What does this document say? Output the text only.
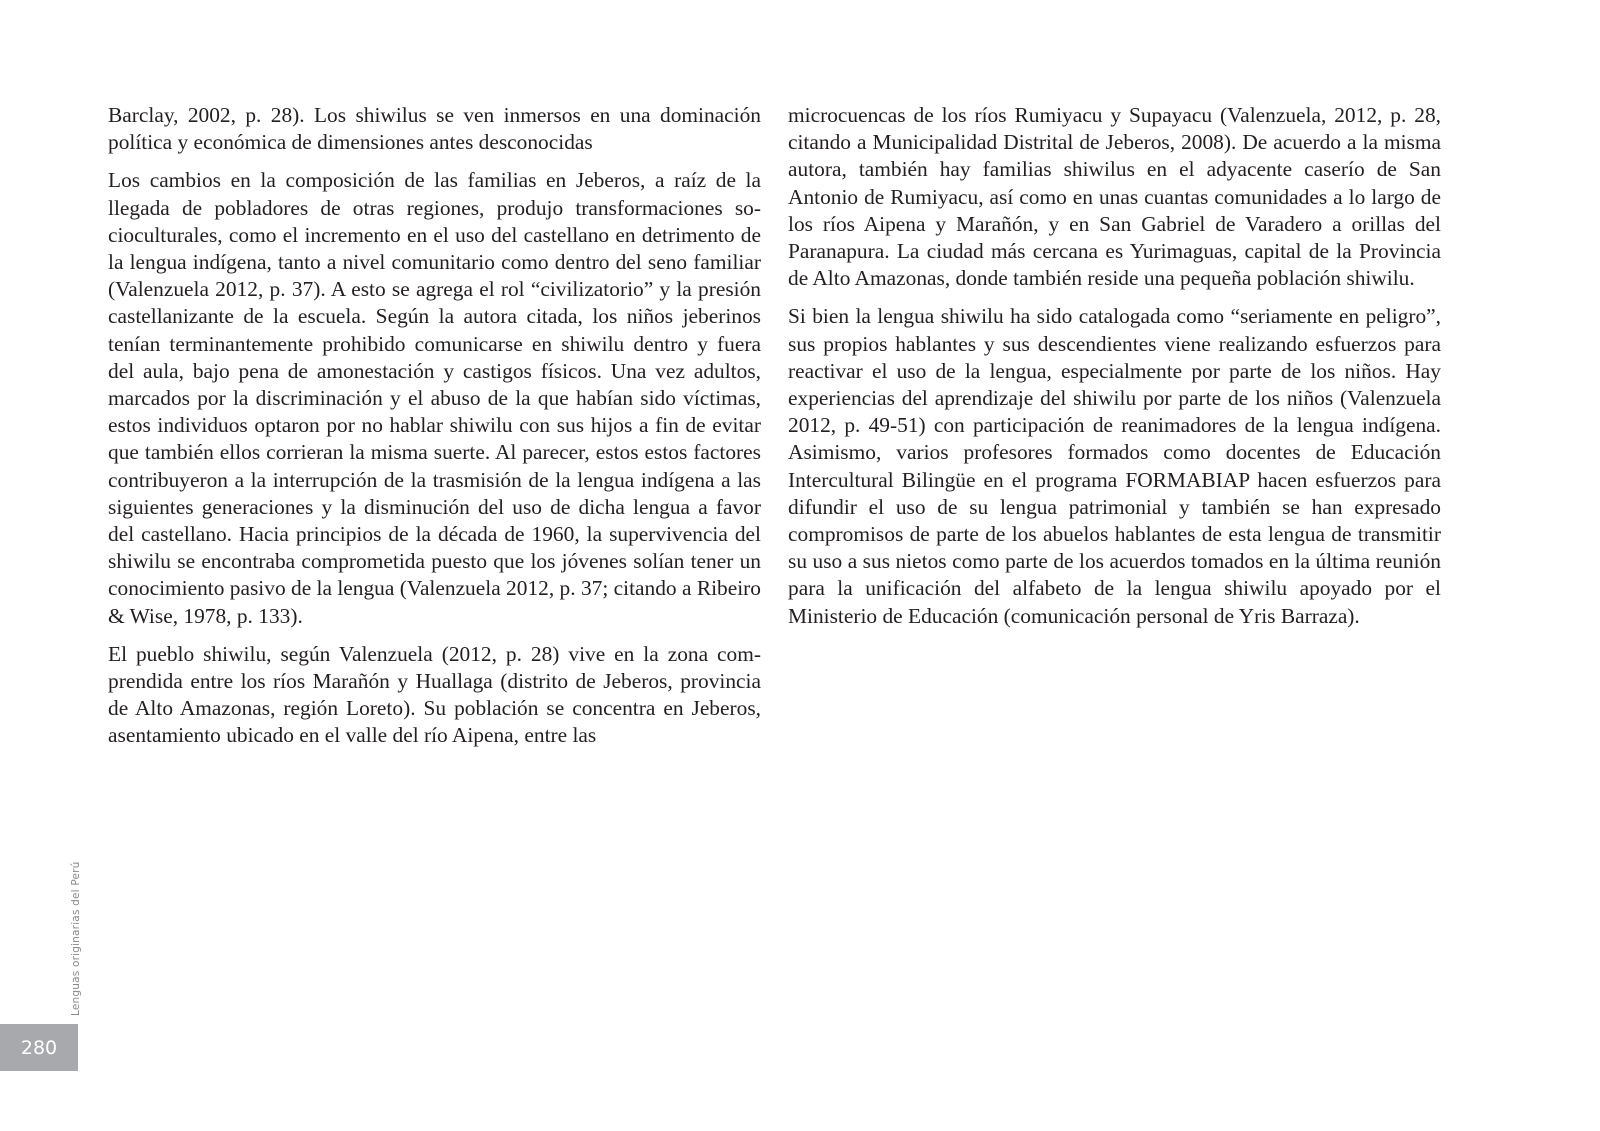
Barclay, 2002, p. 28). Los shiwilus se ven inmersos en una dominación política y económica de dimensiones antes desconocidas

Los cambios en la composición de las familias en Jeberos, a raíz de la llegada de pobladores de otras regiones, produjo transformaciones socioculturales, como el incremento en el uso del castellano en detrimento de la lengua indígena, tanto a nivel comunitario como dentro del seno familiar (Valenzuela 2012, p. 37). A esto se agrega el rol “civilizatorio” y la presión castellanizante de la escuela. Según la autora citada, los niños jeberinos tenían terminantemente prohibido comunicarse en shiwilu dentro y fuera del aula, bajo pena de amonestación y castigos físicos. Una vez adultos, marcados por la discriminación y el abuso de la que habían sido víctimas, estos individuos optaron por no hablar shiwilu con sus hijos a fin de evitar que también ellos corrieran la misma suerte. Al parecer, estos estos factores contribuyeron a la interrupción de la trasmisión de la lengua indígena a las siguientes generaciones y la disminución del uso de dicha lengua a favor del castellano. Hacia principios de la década de 1960, la supervivencia del shiwilu se encontraba comprometida puesto que los jóvenes solían tener un conocimiento pasivo de la lengua (Valenzuela 2012, p. 37; citando a Ribeiro & Wise, 1978, p. 133).

El pueblo shiwilu, según Valenzuela (2012, p. 28) vive en la zona comprendida entre los ríos Marañón y Huallaga (distrito de Jeberos, provincia de Alto Amazonas, región Loreto). Su población se concentra en Jeberos, asentamiento ubicado en el valle del río Aipena, entre las

microcuencas de los ríos Rumiyacu y Supayacu (Valenzuela, 2012, p. 28, citando a Municipalidad Distrital de Jeberos, 2008). De acuerdo a la misma autora, también hay familias shiwilus en el adyacente caserío de San Antonio de Rumiyacu, así como en unas cuantas comunidades a lo largo de los ríos Aipena y Marañón, y en San Gabriel de Varadero a orillas del Paranapura. La ciudad más cercana es Yurimaguas, capital de la Provincia de Alto Amazonas, donde también reside una pequeña población shiwilu.

Si bien la lengua shiwilu ha sido catalogada como “seriamente en peligro”, sus propios hablantes y sus descendientes viene realizando esfuerzos para reactivar el uso de la lengua, especialmente por parte de los niños. Hay experiencias del aprendizaje del shiwilu por parte de los niños (Valenzuela 2012, p. 49-51) con participación de reanimadores de la lengua indígena. Asimismo, varios profesores formados como docentes de Educación Intercultural Bilingüe en el programa FORMABIAP hacen esfuerzos para difundir el uso de su lengua patrimonial y también se han expresado compromisos de parte de los abuelos hablantes de esta lengua de transmitir su uso a sus nietos como parte de los acuerdos tomados en la última reunión para la unificación del alfabeto de la lengua shiwilu apoyado por el Ministerio de Educación (comunicación personal de Yris Barraza).

Lenguas originarias del Perú
280
